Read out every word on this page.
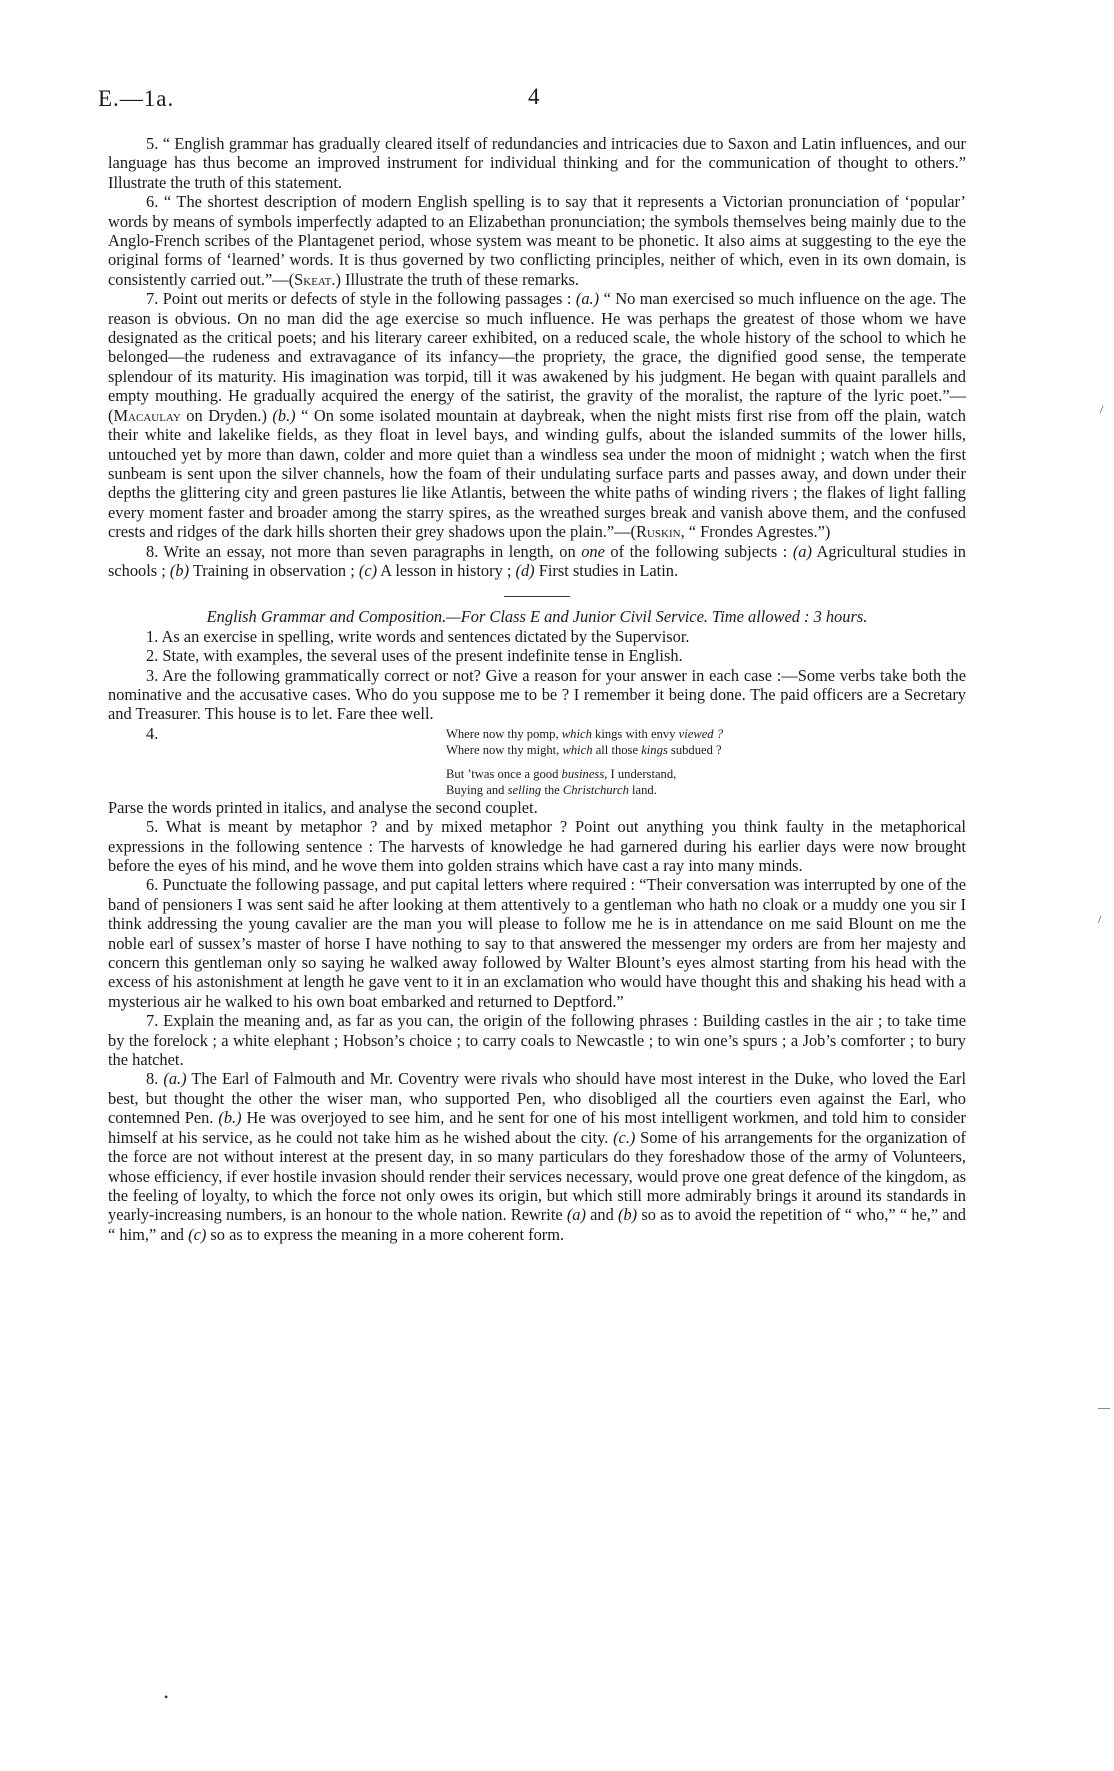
E.—1a.	4
/
/
—
•

5. “ English grammar has gradually cleared itself of redundancies and intricacies due to Saxon and Latin influences, and our language has thus become an improved instrument for individual thinking and for the communication of thought to others.” Illustrate the truth of this statement.

6. “ The shortest description of modern English spelling is to say that it represents a Victorian pronunciation of ‘popular’ words by means of symbols imperfectly adapted to an Elizabethan pronunciation; the symbols themselves being mainly due to the Anglo-French scribes of the Plantagenet period, whose system was meant to be phonetic. It also aims at suggesting to the eye the original forms of ‘learned’ words. It is thus governed by two conflicting principles, neither of which, even in its own domain, is consistently carried out.”—(Skeat.) Illustrate the truth of these remarks.

7. Point out merits or defects of style in the following passages : (a.) “ No man exercised so much influence on the age. The reason is obvious. On no man did the age exercise so much influence. He was perhaps the greatest of those whom we have designated as the critical poets; and his literary career exhibited, on a reduced scale, the whole history of the school to which he belonged—the rudeness and extravagance of its infancy—the propriety, the grace, the dignified good sense, the temperate splendour of its maturity. His imagination was torpid, till it was awakened by his judgment. He began with quaint parallels and empty mouthing. He gradually acquired the energy of the satirist, the gravity of the moralist, the rapture of the lyric poet.”—(Macaulay on Dryden.) (b.) “ On some isolated mountain at daybreak, when the night mists first rise from off the plain, watch their white and lakelike fields, as they float in level bays, and winding gulfs, about the islanded summits of the lower hills, untouched yet by more than dawn, colder and more quiet than a windless sea under the moon of midnight ; watch when the first sunbeam is sent upon the silver channels, how the foam of their undulating surface parts and passes away, and down under their depths the glittering city and green pastures lie like Atlantis, between the white paths of winding rivers ; the flakes of light falling every moment faster and broader among the starry spires, as the wreathed surges break and vanish above them, and the confused crests and ridges of the dark hills shorten their grey shadows upon the plain.”—(Ruskin, “ Frondes Agrestes.”)

8. Write an essay, not more than seven paragraphs in length, on one of the following subjects : (a) Agricultural studies in schools ; (b) Training in observation ; (c) A lesson in history ; (d) First studies in Latin.

English Grammar and Composition.—For Class E and Junior Civil Service. Time allowed : 3 hours.

1. As an exercise in spelling, write words and sentences dictated by the Supervisor.

2. State, with examples, the several uses of the present indefinite tense in English.

3. Are the following grammatically correct or not? Give a reason for your answer in each case :—Some verbs take both the nominative and the accusative cases. Who do you suppose me to be ? I remember it being done. The paid officers are a Secretary and Treasurer. This house is to let. Fare thee well.

4.	Where now thy pomp, which kings with envy viewed ?
Where now thy might, which all those kings subdued ?
But ’twas once a good business, I understand,
Buying and selling the Christchurch land.

Parse the words printed in italics, and analyse the second couplet.

5. What is meant by metaphor ? and by mixed metaphor ? Point out anything you think faulty in the metaphorical expressions in the following sentence : The harvests of knowledge he had garnered during his earlier days were now brought before the eyes of his mind, and he wove them into golden strains which have cast a ray into many minds.

6. Punctuate the following passage, and put capital letters where required : “Their conversation was interrupted by one of the band of pensioners I was sent said he after looking at them attentively to a gentleman who hath no cloak or a muddy one you sir I think addressing the young cavalier are the man you will please to follow me he is in attendance on me said Blount on me the noble earl of sussex’s master of horse I have nothing to say to that answered the messenger my orders are from her majesty and concern this gentleman only so saying he walked away followed by Walter Blount’s eyes almost starting from his head with the excess of his astonishment at length he gave vent to it in an exclamation who would have thought this and shaking his head with a mysterious air he walked to his own boat embarked and returned to Deptford.”

7. Explain the meaning and, as far as you can, the origin of the following phrases : Building castles in the air ; to take time by the forelock ; a white elephant ; Hobson’s choice ; to carry coals to Newcastle ; to win one’s spurs ; a Job’s comforter ; to bury the hatchet.

8. (a.) The Earl of Falmouth and Mr. Coventry were rivals who should have most interest in the Duke, who loved the Earl best, but thought the other the wiser man, who supported Pen, who disobliged all the courtiers even against the Earl, who contemned Pen. (b.) He was overjoyed to see him, and he sent for one of his most intelligent workmen, and told him to consider himself at his service, as he could not take him as he wished about the city. (c.) Some of his arrangements for the organization of the force are not without interest at the present day, in so many particulars do they foreshadow those of the army of Volunteers, whose efficiency, if ever hostile invasion should render their services necessary, would prove one great defence of the kingdom, as the feeling of loyalty, to which the force not only owes its origin, but which still more admirably brings it around its standards in yearly-increasing numbers, is an honour to the whole nation. Rewrite (a) and (b) so as to avoid the repetition of “ who,” “ he,” and “ him,” and (c) so as to express the meaning in a more coherent form.
